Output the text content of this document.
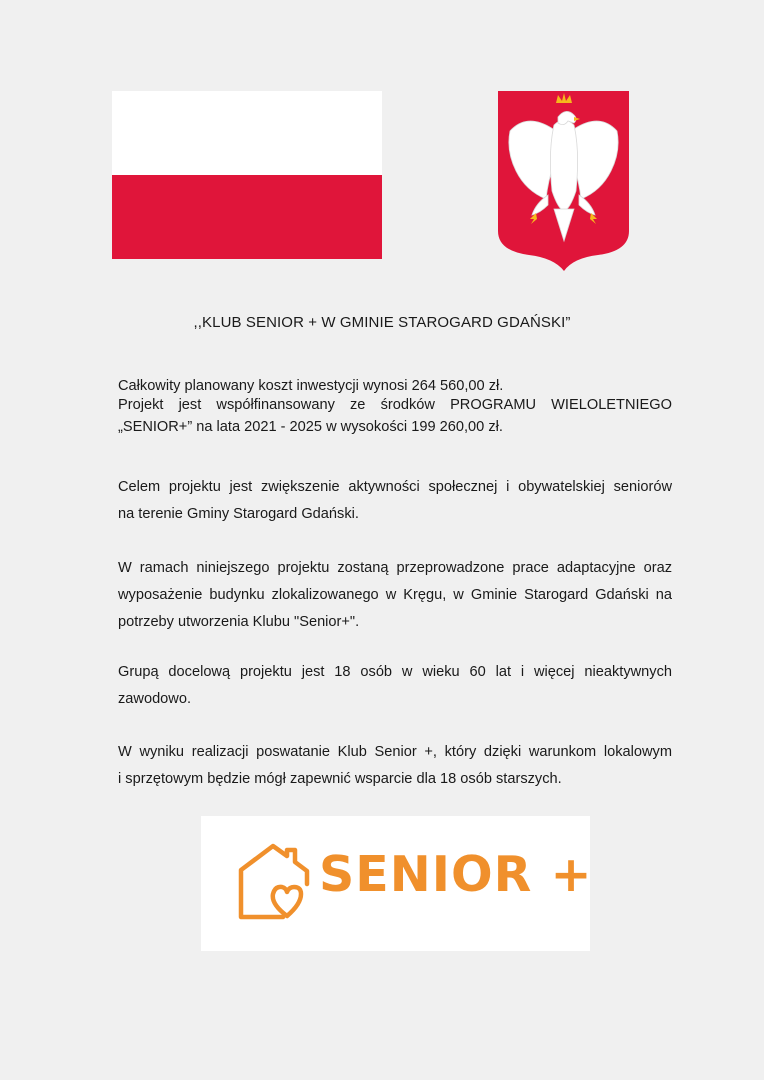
,,KLUB SENIOR + W GMINIE STAROGARD GDAŃSKI”
Całkowity planowany koszt inwestycji wynosi 264 560,00 zł.
Projekt jest współfinansowany ze środków PROGRAMU WIELOLETNIEGO
„SENIOR+” na lata 2021 - 2025 w wysokości 199 260,00 zł.
Celem projektu jest zwiększenie aktywności społecznej i obywatelskiej seniorów
na terenie Gminy Starogard Gdański.
W ramach niniejszego projektu zostaną przeprowadzone prace adaptacyjne oraz
wyposażenie budynku zlokalizowanego w Kręgu, w Gminie Starogard Gdański na
potrzeby utworzenia Klubu "Senior+".
Grupą docelową projektu jest 18 osób w wieku 60 lat i więcej nieaktywnych
zawodowo.
W wyniku realizacji poswatanie Klub Senior +, który dzięki warunkom lokalowym
i sprzętowym będzie mógł zapewnić wsparcie dla 18 osób starszych.
SENIOR +
